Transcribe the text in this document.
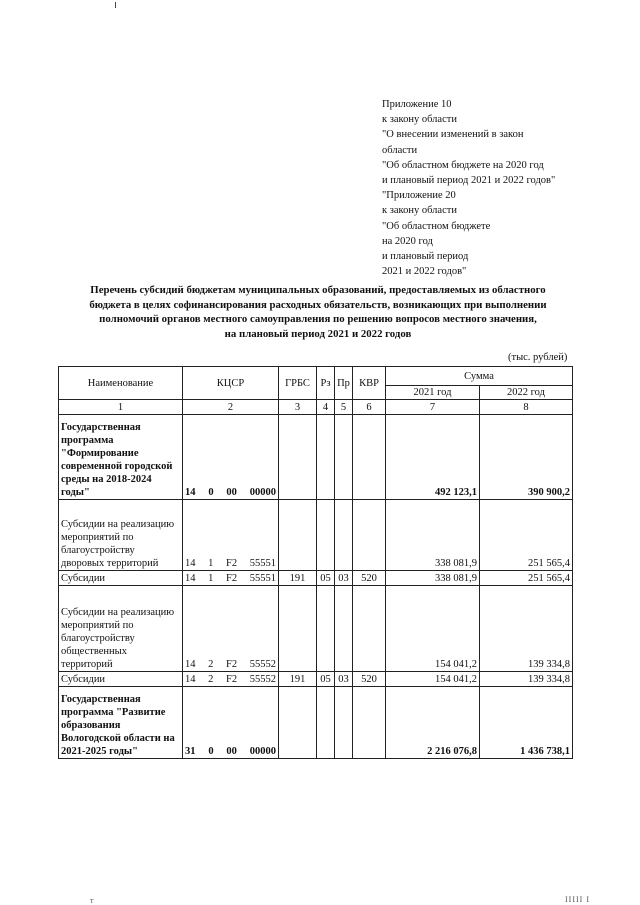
Приложение 10
к закону области
"О внесении изменений в закон
области
"Об областном бюджете на 2020 год
и плановый период 2021 и 2022 годов"
"Приложение 20
к закону области
"Об областном бюджете
на 2020 год
и плановый период
2021 и 2022 годов"
Перечень субсидий бюджетам муниципальных образований, предоставляемых из областного
бюджета в целях софинансирования расходных обязательств, возникающих при выполнении
полномочий органов местного самоуправления по решению вопросов местного значения,
на плановый период 2021 и 2022 годов
(тыс. рублей)
Наименование	КЦСР	ГРБС	Рз	Пр	КВР	Сумма	
						2021 год	2022 год
1	2	3	4	5	6	7	8
Государственная программа "Формирование современной городской среды на 2018-2024 годы"	14 0 00 00000					492 123,1	390 900,2
Субсидии на реализацию мероприятий по благоустройству дворовых территорий	14 1 F2 55551					338 081,9	251 565,4
Субсидии	14 1 F2 55551	191	05	03	520	338 081,9	251 565,4
Субсидии на реализацию мероприятий по благоустройству общественных территорий	14 2 F2 55552					154 041,2	139 334,8
Субсидии	14 2 F2 55552	191	05	03	520	154 041,2	139 334,8
Государственная программа "Развитие образования Вологодской области на 2021-2025 годы"	31 0 00 00000					2 216 076,8	1 436 738,1
т	IIIII I
